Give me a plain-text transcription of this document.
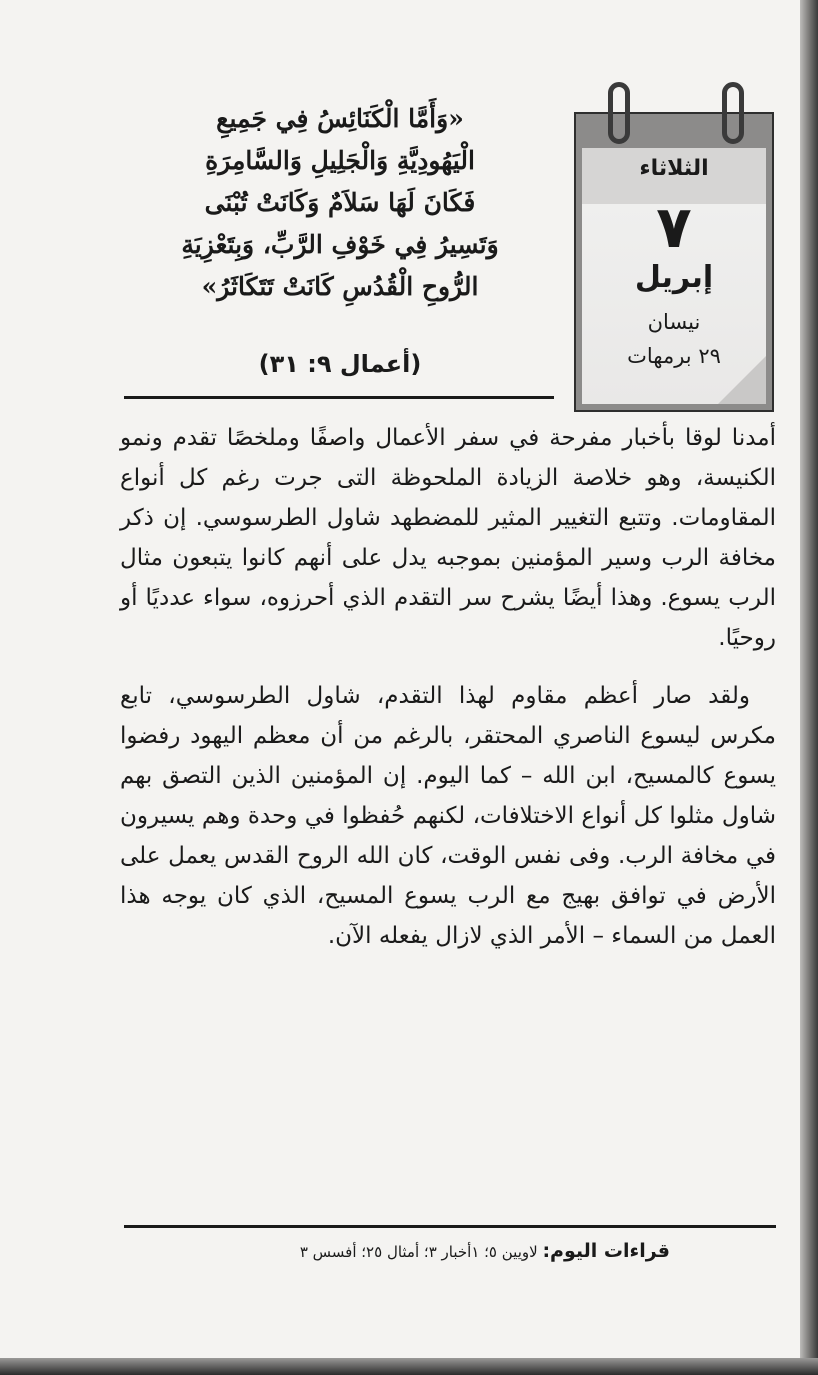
الثلاثاء
٧
إبريل
نيسان
٢٩ برمهات
«وَأَمَّا الْكَنَائِسُ فِي جَمِيعِ
الْيَهُودِيَّةِ وَالْجَلِيلِ وَالسَّامِرَةِ
فَكَانَ لَهَا سَلاَمٌ وَكَانَتْ تُبْنَى
وَتَسِيرُ فِي خَوْفِ الرَّبِّ، وَبِتَعْزِيَةِ
الرُّوحِ الْقُدُسِ كَانَتْ تَتَكَاثَرُ»
(أعمال ٩: ٣١)

أمدنا لوقا بأخبار مفرحة في سفر الأعمال واصفًا وملخصًا تقدم ونمو الكنيسة، وهو خلاصة الزيادة الملحوظة التى جرت رغم كل أنواع المقاومات. وتتبع التغيير المثير للمضطهد شاول الطرسوسي. إن ذكر مخافة الرب وسير المؤمنين بموجبه يدل على أنهم كانوا يتبعون مثال الرب يسوع. وهذا أيضًا يشرح سر التقدم الذي أحرزوه، سواء عدديًا أو روحيًا.

ولقد صار أعظم مقاوم لهذا التقدم، شاول الطرسوسي، تابع مكرس ليسوع الناصري المحتقر، بالرغم من أن معظم اليهود رفضوا يسوع كالمسيح، ابن الله – كما اليوم. إن المؤمنين الذين التصق بهم شاول مثلوا كل أنواع الاختلافات، لكنهم حُفظوا في وحدة وهم يسيرون في مخافة الرب. وفى نفس الوقت، كان الله الروح القدس يعمل على الأرض في توافق بهيج مع الرب يسوع المسيح، الذي كان يوجه هذا العمل من السماء – الأمر الذي لازال يفعله الآن.

قراءات اليوم: لاويين ٥؛ ١أخبار ٣؛ أمثال ٢٥؛ أفسس ٣
